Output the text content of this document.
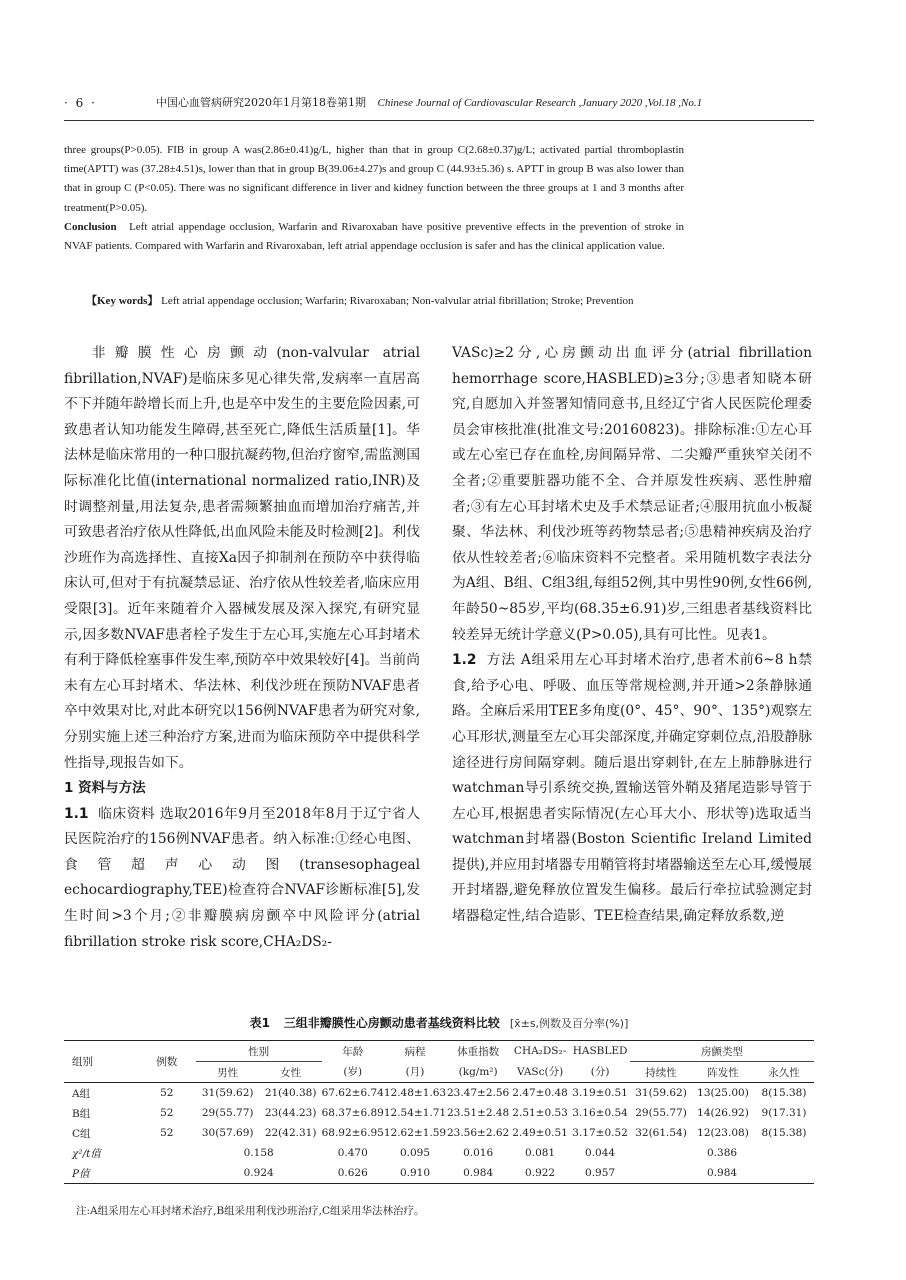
· 6 ·	中国心血管病研究2020年1月第18卷第1期 Chinese Journal of Cardiovascular Research ,January 2020 ,Vol.18 ,No.1

three groups(P>0.05). FIB in group A was(2.86±0.41)g/L, higher than that in group C(2.68±0.37)g/L; activated partial thromboplastin time(APTT) was (37.28±4.51)s, lower than that in group B(39.06±4.27)s and group C (44.93±5.36) s. APTT in group B was also lower than that in group C (P<0.05). There was no significant difference in liver and kidney function between the three groups at 1 and 3 months after treatment(P>0.05).

Conclusion Left atrial appendage occlusion, Warfarin and Rivaroxaban have positive preventive effects in the prevention of stroke in NVAF patients. Compared with Warfarin and Rivaroxaban, left atrial appendage occlusion is safer and has the clinical application value.

【Key words】 Left atrial appendage occlusion; Warfarin; Rivaroxaban; Non-valvular atrial fibrillation; Stroke; Prevention

非瓣膜性心房颤动(non-valvular atrial fibrillation,NVAF)是临床多见心律失常,发病率一直居高不下并随年龄增长而上升,也是卒中发生的主要危险因素,可致患者认知功能发生障碍,甚至死亡,降低生活质量[1]。华法林是临床常用的一种口服抗凝药物,但治疗窗窄,需监测国际标准化比值(international normalized ratio,INR)及时调整剂量,用法复杂,患者需频繁抽血而增加治疗痛苦,并可致患者治疗依从性降低,出血风险未能及时检测[2]。利伐沙班作为高选择性、直接Xa因子抑制剂在预防卒中获得临床认可,但对于有抗凝禁忌证、治疗依从性较差者,临床应用受限[3]。近年来随着介入器械发展及深入探究,有研究显示,因多数NVAF患者栓子发生于左心耳,实施左心耳封堵术有利于降低栓塞事件发生率,预防卒中效果较好[4]。当前尚未有左心耳封堵术、华法林、利伐沙班在预防NVAF患者卒中效果对比,对此本研究以156例NVAF患者为研究对象,分别实施上述三种治疗方案,进而为临床预防卒中提供科学性指导,现报告如下。

1 资料与方法

1.1 临床资料 选取2016年9月至2018年8月于辽宁省人民医院治疗的156例NVAF患者。纳入标准:①经心电图、食管超声心动图(transesophageal echocardiography,TEE)检查符合NVAF诊断标准[5],发生时间>3个月;②非瓣膜病房颤卒中风险评分(atrial fibrillation stroke risk score,CHA₂DS₂-

VASc)≥2分,心房颤动出血评分(atrial fibrillation hemorrhage score,HASBLED)≥3分;③患者知晓本研究,自愿加入并签署知情同意书,且经辽宁省人民医院伦理委员会审核批准(批准文号:20160823)。排除标准:①左心耳或左心室已存在血栓,房间隔异常、二尖瓣严重狭窄关闭不全者;②重要脏器功能不全、合并原发性疾病、恶性肿瘤者;③有左心耳封堵术史及手术禁忌证者;④服用抗血小板凝聚、华法林、利伐沙班等药物禁忌者;⑤患精神疾病及治疗依从性较差者;⑥临床资料不完整者。采用随机数字表法分为A组、B组、C组3组,每组52例,其中男性90例,女性66例,年龄50~85岁,平均(68.35±6.91)岁,三组患者基线资料比较差异无统计学意义(P>0.05),具有可比性。见表1。

1.2 方法 A组采用左心耳封堵术治疗,患者术前6~8 h禁食,给予心电、呼吸、血压等常规检测,并开通>2条静脉通路。全麻后采用TEE多角度(0°、45°、90°、135°)观察左心耳形状,测量至左心耳尖部深度,并确定穿刺位点,沿股静脉途径进行房间隔穿刺。随后退出穿刺针,在左上肺静脉进行watchman导引系统交换,置输送管外鞘及猪尾造影导管于左心耳,根据患者实际情况(左心耳大小、形状等)选取适当watchman封堵器(Boston Scientific Ireland Limited提供),并应用封堵器专用鞘管将封堵器输送至左心耳,缓慢展开封堵器,避免释放位置发生偏移。最后行牵拉试验测定封堵器稳定性,结合造影、TEE检查结果,确定释放系数,逆

表1 三组非瓣膜性心房颤动患者基线资料比较 [x̄±s,例数及百分率(%)]
组别	例数	性别		年龄	病程	体重指数	CHA₂DS₂-	HASBLED	房颤类型		
		男性	女性	(岁)	(月)	(kg/m²)	VASc(分)	(分)	持续性	阵发性	永久性
A组	52	31(59.62)	21(40.38)	67.62±6.74	12.48±1.63	23.47±2.56	2.47±0.48	3.19±0.51	31(59.62)	13(25.00)	8(15.38)
B组	52	29(55.77)	23(44.23)	68.37±6.89	12.54±1.71	23.51±2.48	2.51±0.53	3.16±0.54	29(55.77)	14(26.92)	9(17.31)
C组	52	30(57.69)	22(42.31)	68.92±6.95	12.62±1.59	23.56±2.62	2.49±0.51	3.17±0.52	32(61.54)	12(23.08)	8(15.38)
χ²/t值		0.158		0.470	0.095	0.016	0.081	0.044	0.386		
P值		0.924		0.626	0.910	0.984	0.922	0.957	0.984		
注:A组采用左心耳封堵术治疗,B组采用利伐沙班治疗,C组采用华法林治疗。
